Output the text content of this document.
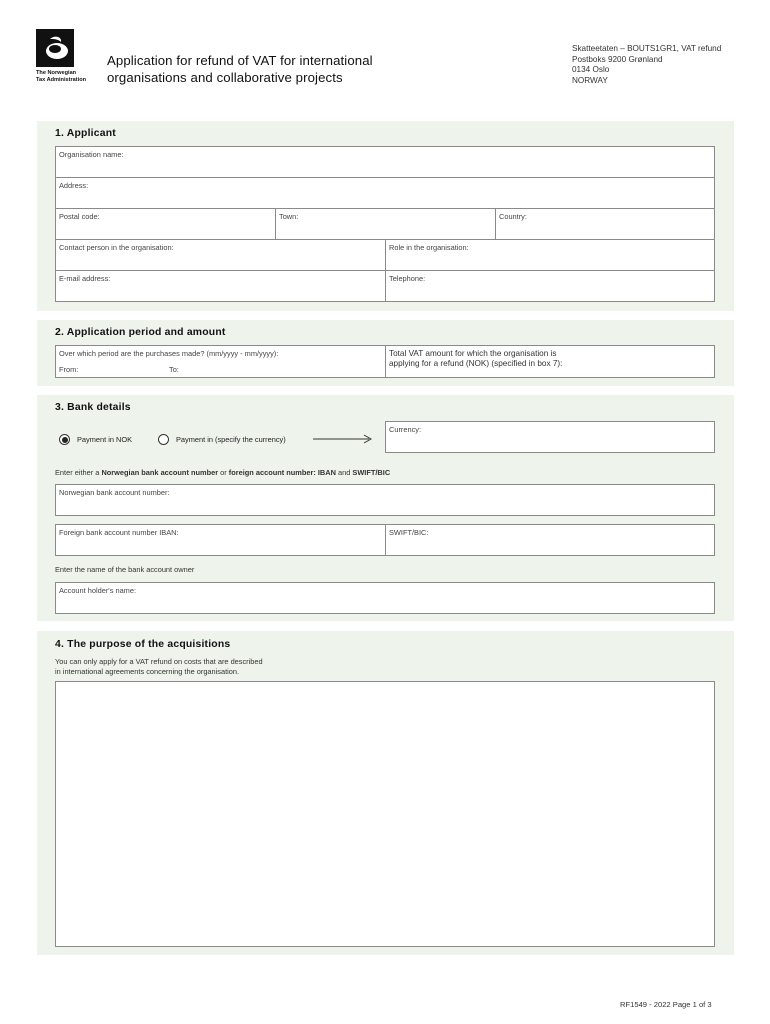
The Norwegian
Tax Administration
Application for refund of VAT for international
organisations and collaborative projects
Skatteetaten – BOUTS1GR1, VAT refund
Postboks 9200 Grønland
0134 Oslo
NORWAY
1. Applicant
Organisation name:
Address:
Postal code:	Town:	Country:
Contact person in the organisation:	Role in the organisation:
E-mail address:	Telephone:
2. Application period and amount
Over which period are the purchases made? (mm/yyyy - mm/yyyy):
From:	To:
Total VAT amount for which the organisation is
applying for a refund (NOK) (specified in box 7):
3. Bank details
Payment in NOK	Payment in (specify the currency)
Currency:
Enter either a Norwegian bank account number or foreign account number: IBAN and SWIFT/BIC
Norwegian bank account number:
Foreign bank account number IBAN:	SWIFT/BIC:
Enter the name of the bank account owner
Account holder's name:
4. The purpose of the acquisitions
You can only apply for a VAT refund on costs that are described
in international agreements concerning the organisation.
RF1549 - 2022 Page 1 of 3
